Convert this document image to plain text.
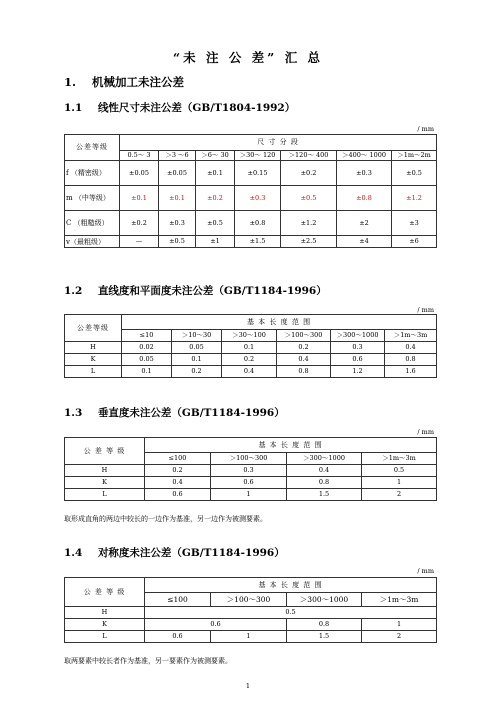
“未 注 公 差” 汇 总
1. 机械加工未注公差
1.1 线性尺寸未注公差（GB/T1804-1992）
/ mm
公差等级	尺 寸 分 段						
	0.5～ 3	＞3 ～6	＞6～ 30	＞30～ 120	＞120～ 400	＞400～ 1000	＞1m～2m
f （精密级）	±0.05	±0.05	±0.1	±0.15	±0.2	±0.3	±0.5
m （中等级）	±0.1	±0.1	±0.2	±0.3	±0.5	±0.8	±1.2
C （粗糙级）	±0.2	±0.3	±0.5	±0.8	±1.2	±2	±3
v（最粗级）	—	±0.5	±1	±1.5	±2.5	±4	±6
1.2 直线度和平面度未注公差（GB/T1184-1996）
/ mm
公差等级	基 本 长 度 范 围					
	≤10	＞10～30	＞30～100	＞100～300	＞300～1000	＞1m～3m
H	0.02	0.05	0.1	0.2	0.3	0.4
K	0.05	0.1	0.2	0.4	0.6	0.8
L	0.1	0.2	0.4	0.8	1.2	1.6
1.3 垂直度未注公差（GB/T1184-1996）
/ mm
公 差 等 级	基 本 长 度 范 围			
	≤100	＞100～300	＞300～1000	＞1m～3m
H	0.2	0.3	0.4	0.5
K	0.4	0.6	0.8	1
L	0.6	1	1.5	2
取形成直角的两边中较长的一边作为基准，另一边作为被测要素。
1.4 对称度未注公差（GB/T1184-1996）
/ mm
公 差 等 级	基 本 长 度 范 围			
	≤100	＞100～300	＞300～1000	＞1m～3m
H	0.5			
K	0.6		0.8	1
L	0.6	1	1.5	2
取两要素中较长者作为基准，另一要素作为被测要素。
1
